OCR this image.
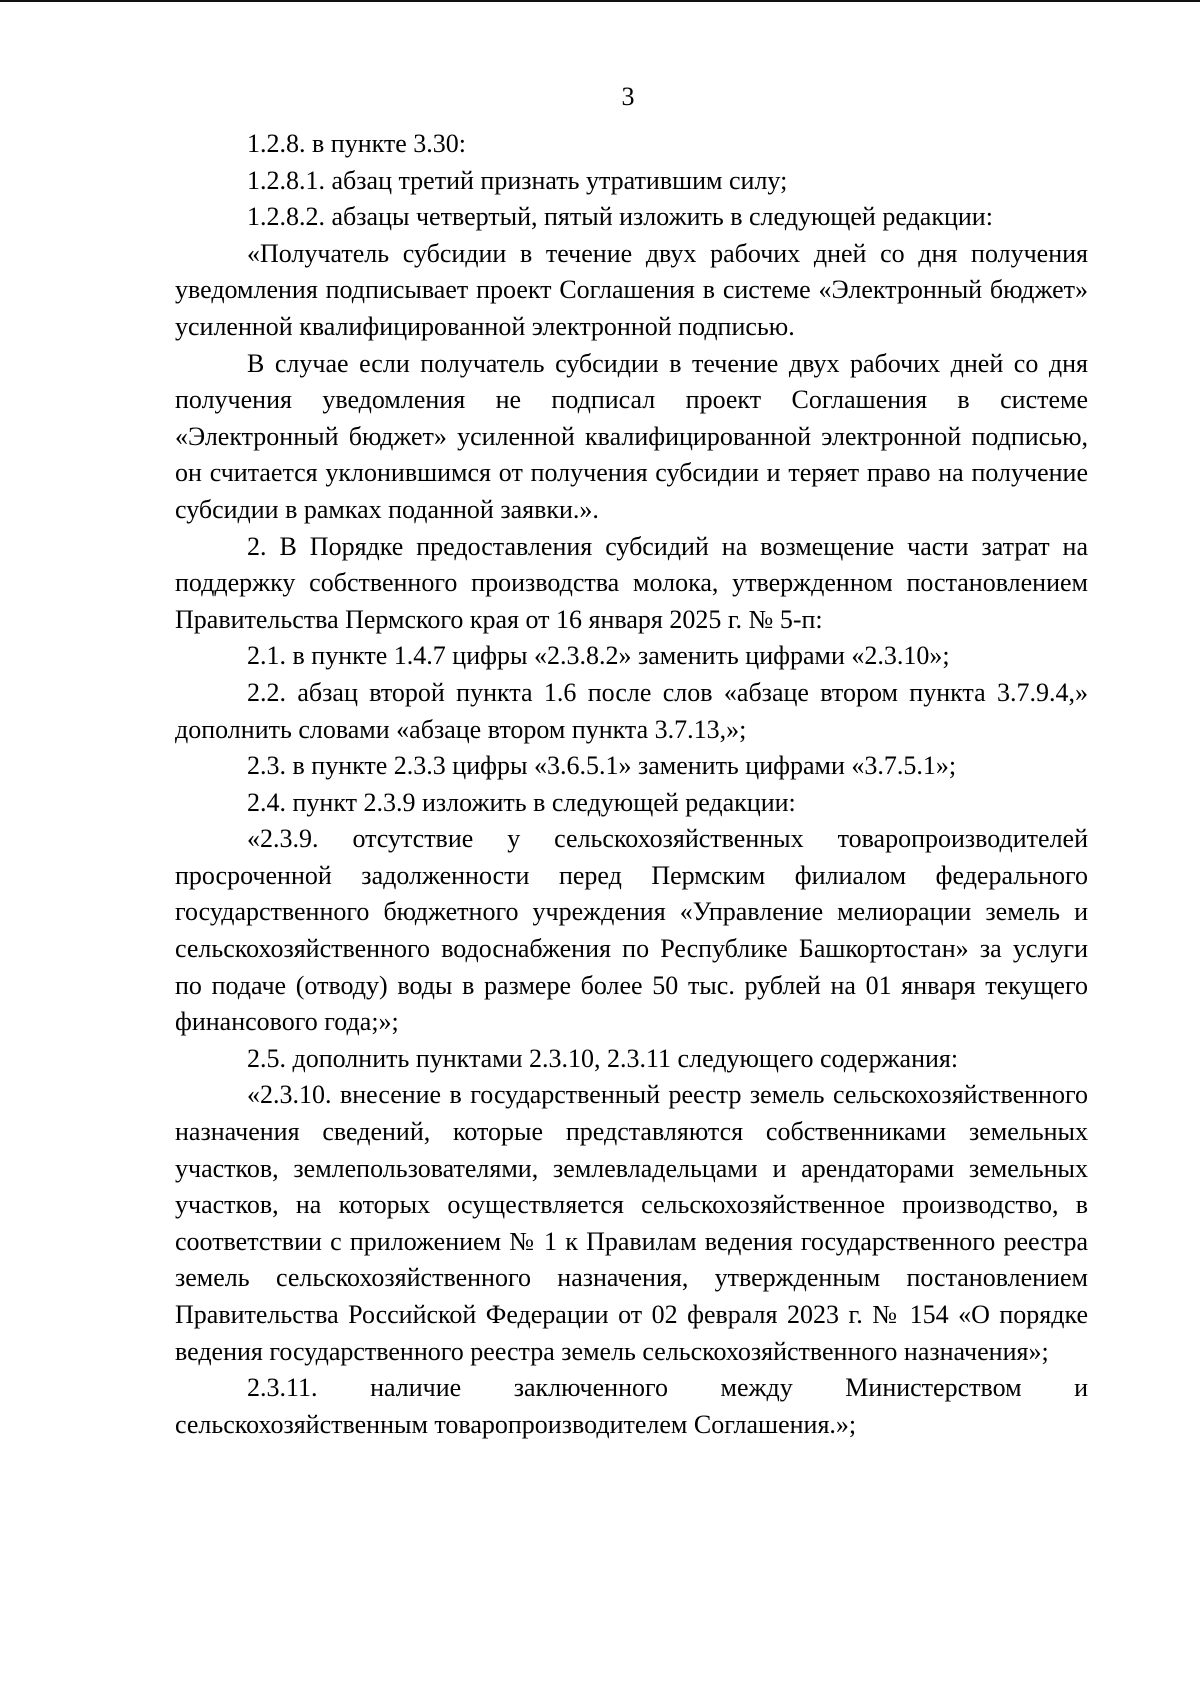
3

1.2.8. в пункте 3.30:

1.2.8.1. абзац третий признать утратившим силу;

1.2.8.2. абзацы четвертый, пятый изложить в следующей редакции:

«Получатель субсидии в течение двух рабочих дней со дня получения уведомления подписывает проект Соглашения в системе «Электронный бюджет» усиленной квалифицированной электронной подписью.

В случае если получатель субсидии в течение двух рабочих дней со дня получения уведомления не подписал проект Соглашения в системе «Электронный бюджет» усиленной квалифицированной электронной подписью, он считается уклонившимся от получения субсидии и теряет право на получение субсидии в рамках поданной заявки.».

2. В Порядке предоставления субсидий на возмещение части затрат на поддержку собственного производства молока, утвержденном постановлением Правительства Пермского края от 16 января 2025 г. № 5-п:

2.1. в пункте 1.4.7 цифры «2.3.8.2» заменить цифрами «2.3.10»;

2.2. абзац второй пункта 1.6 после слов «абзаце втором пункта 3.7.9.4,» дополнить словами «абзаце втором пункта 3.7.13,»;

2.3. в пункте 2.3.3 цифры «3.6.5.1» заменить цифрами «3.7.5.1»;

2.4. пункт 2.3.9 изложить в следующей редакции:

«2.3.9. отсутствие у сельскохозяйственных товаропроизводителей просроченной задолженности перед Пермским филиалом федерального государственного бюджетного учреждения «Управление мелиорации земель и сельскохозяйственного водоснабжения по Республике Башкортостан» за услуги по подаче (отводу) воды в размере более 50 тыс. рублей на 01 января текущего финансового года;»;

2.5. дополнить пунктами 2.3.10, 2.3.11 следующего содержания:

«2.3.10. внесение в государственный реестр земель сельскохозяйственного назначения сведений, которые представляются собственниками земельных участков, землепользователями, землевладельцами и арендаторами земельных участков, на которых осуществляется сельскохозяйственное производство, в соответствии с приложением № 1 к Правилам ведения государственного реестра земель сельскохозяйственного назначения, утвержденным постановлением Правительства Российской Федерации от 02 февраля 2023 г. № 154 «О порядке ведения государственного реестра земель сельскохозяйственного назначения»;

2.3.11. наличие заключенного между Министерством и сельскохозяйственным товаропроизводителем Соглашения.»;
